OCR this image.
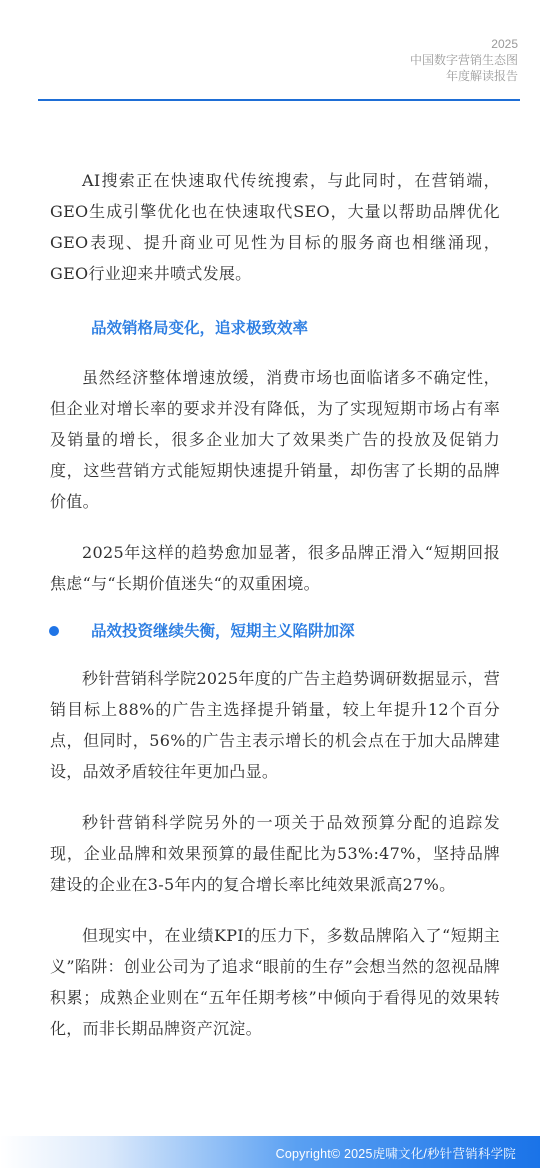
2025
中国数字营销生态图
年度解读报告

AI搜索正在快速取代传统搜索，与此同时，在营销端，GEO生成引擎优化也在快速取代SEO，大量以帮助品牌优化GEO表现、提升商业可见性为目标的服务商也相继涌现，GEO行业迎来井喷式发展。

品效销格局变化，追求极致效率

虽然经济整体增速放缓，消费市场也面临诸多不确定性，但企业对增长率的要求并没有降低，为了实现短期市场占有率及销量的增长，很多企业加大了效果类广告的投放及促销力度，这些营销方式能短期快速提升销量，却伤害了长期的品牌价值。

2025年这样的趋势愈加显著，很多品牌正滑入“短期回报焦虑“与“长期价值迷失“的双重困境。

品效投资继续失衡，短期主义陷阱加深

秒针营销科学院2025年度的广告主趋势调研数据显示，营销目标上88%的广告主选择提升销量，较上年提升12个百分点，但同时，56%的广告主表示增长的机会点在于加大品牌建设，品效矛盾较往年更加凸显。

秒针营销科学院另外的一项关于品效预算分配的追踪发现，企业品牌和效果预算的最佳配比为53%:47%，坚持品牌建设的企业在3-5年内的复合增长率比纯效果派高27%。

但现实中，在业绩KPI的压力下，多数品牌陷入了“短期主义”陷阱：创业公司为了追求“眼前的生存”会想当然的忽视品牌积累；成熟企业则在“五年任期考核”中倾向于看得见的效果转化，而非长期品牌资产沉淀。

Copyright© 2025虎啸文化/秒针营销科学院
